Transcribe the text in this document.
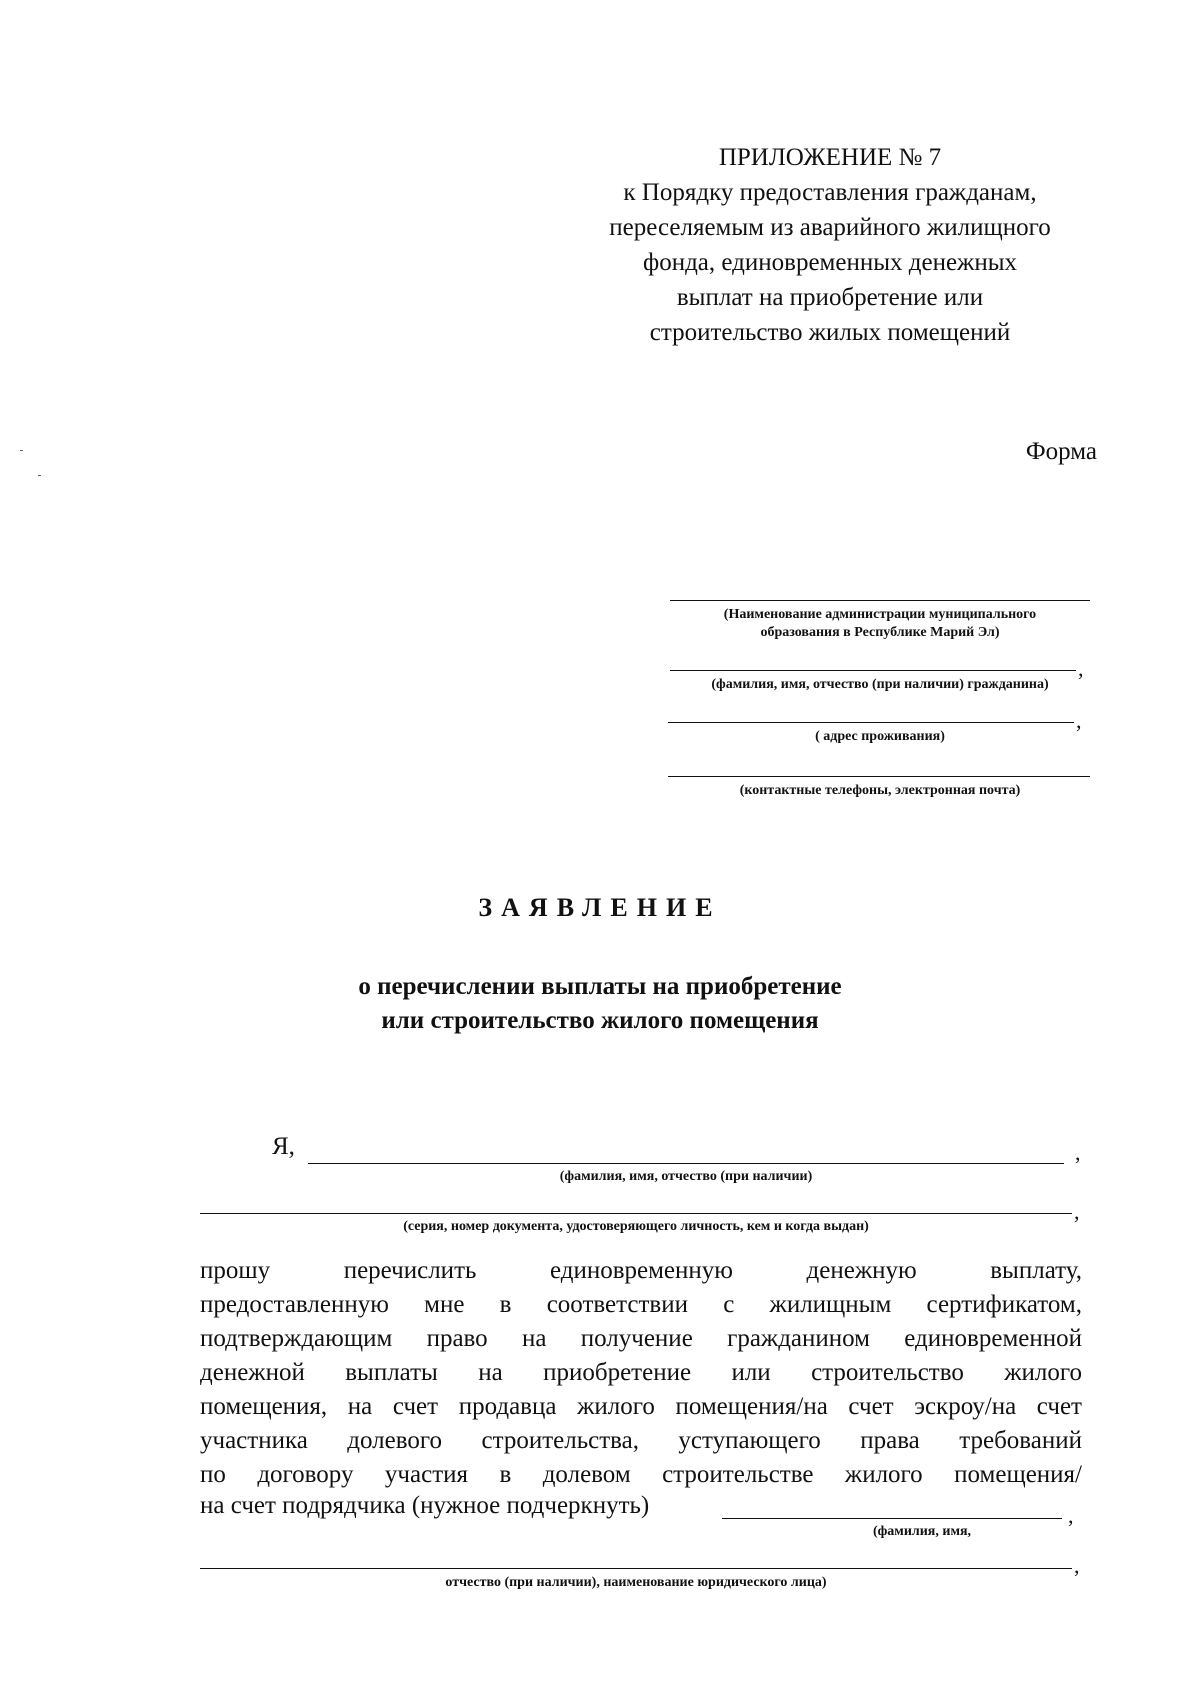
ПРИЛОЖЕНИЕ № 7
к Порядку предоставления гражданам,
переселяемым из аварийного жилищного
фонда, единовременных денежных
выплат на приобретение или
строительство жилых помещений
Форма
(Наименование администрации муниципального
образования в Республике Марий Эл)
,
(фамилия, имя, отчество (при наличии) гражданина)
,
( адрес проживания)
(контактные телефоны, электронная почта)
ЗАЯВЛЕНИЕ
о перечислении выплаты на приобретение
или строительство жилого помещения
Я,	,
(фамилия, имя, отчество (при наличии)
,
(серия, номер документа, удостоверяющего личность, кем и когда выдан)
прошу перечислить единовременную денежную выплату,
предоставленную мне в соответствии с жилищным сертификатом,
подтверждающим право на получение гражданином единовременной
денежной выплаты на приобретение или строительство жилого
помещения, на счет продавца жилого помещения/на счет эскроу/на счет
участника долевого строительства, уступающего права требований
по договору участия в долевом строительстве жилого помещения/
на счет подрядчика (нужное подчеркнуть)	,
(фамилия, имя,
,
отчество (при наличии), наименование юридического лица)
